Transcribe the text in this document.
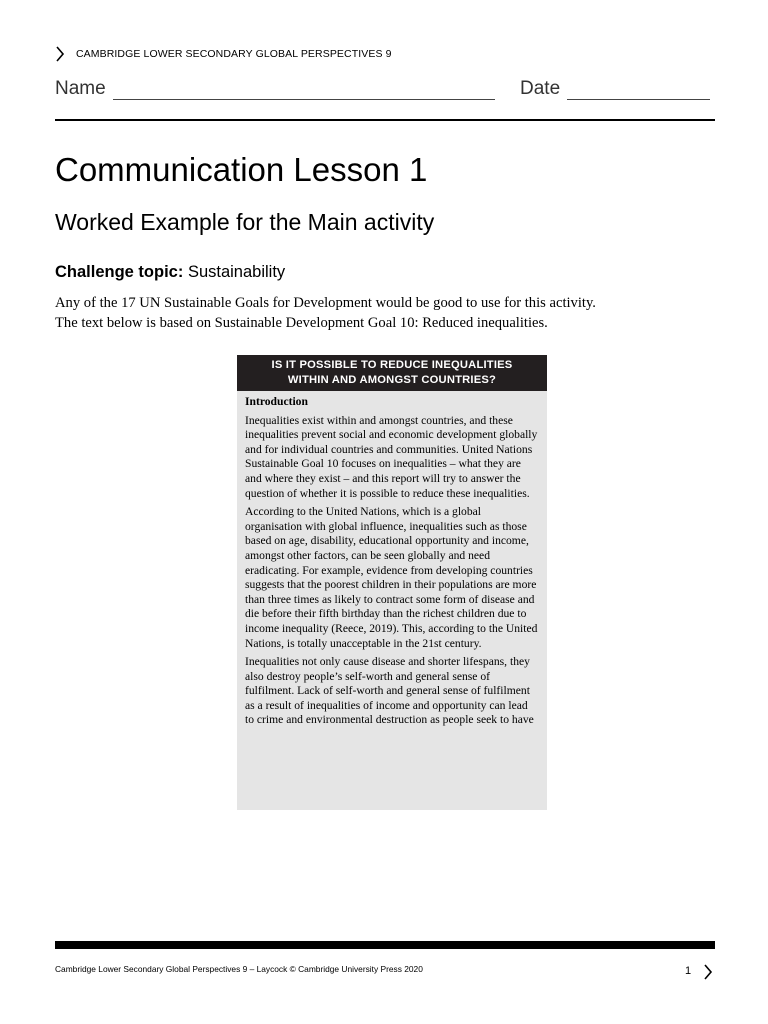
CAMBRIDGE LOWER SECONDARY GLOBAL PERSPECTIVES 9
Name	Date
Communication Lesson 1
Worked Example for the Main activity
Challenge topic: Sustainability

Any of the 17 UN Sustainable Goals for Development would be good to use for this activity.
The text below is based on Sustainable Development Goal 10: Reduced inequalities.

IS IT POSSIBLE TO REDUCE INEQUALITIES
WITHIN AND AMONGST COUNTRIES?
Introduction

Inequalities exist within and amongst countries, and these inequalities prevent social and economic development globally and for individual countries and communities. United Nations Sustainable Goal 10 focuses on inequalities – what they are and where they exist – and this report will try to answer the question of whether it is possible to reduce these inequalities.

According to the United Nations, which is a global organisation with global influence, inequalities such as those based on age, disability, educational opportunity and income, amongst other factors, can be seen globally and need eradicating. For example, evidence from developing countries suggests that the poorest children in their populations are more than three times as likely to contract some form of disease and die before their fifth birthday than the richest children due to income inequality (Reece, 2019). This, according to the United Nations, is totally unacceptable in the 21st century.

Inequalities not only cause disease and shorter lifespans, they also destroy people’s self-worth and general sense of fulfilment. Lack of self-worth and general sense of fulfilment as a result of inequalities of income and opportunity can lead to crime and environmental destruction as people seek to have

Cambridge Lower Secondary Global Perspectives 9 – Laycock © Cambridge University Press 2020	1
